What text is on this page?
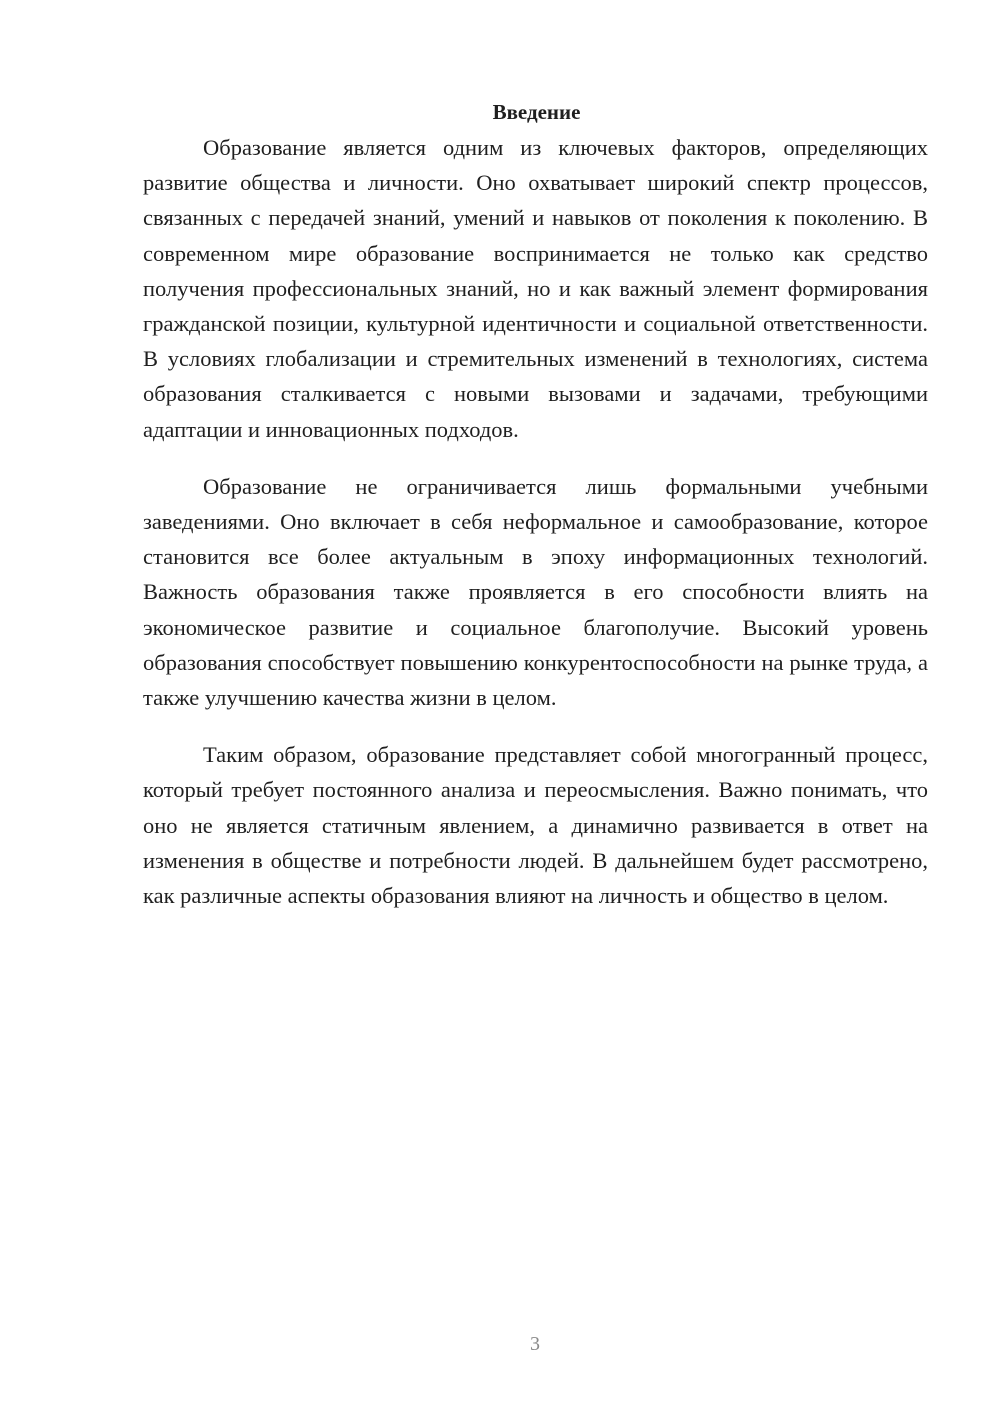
Введение

Образование является одним из ключевых факторов, определяющих развитие общества и личности. Оно охватывает широкий спектр процессов, связанных с передачей знаний, умений и навыков от поколения к поколению. В современном мире образование воспринимается не только как средство получения профессиональных знаний, но и как важный элемент формирования гражданской позиции, культурной идентичности и социальной ответственности. В условиях глобализации и стремительных изменений в технологиях, система образования сталкивается с новыми вызовами и задачами, требующими адаптации и инновационных подходов.

Образование не ограничивается лишь формальными учебными заведениями. Оно включает в себя неформальное и самообразование, которое становится все более актуальным в эпоху информационных технологий. Важность образования также проявляется в его способности влиять на экономическое развитие и социальное благополучие. Высокий уровень образования способствует повышению конкурентоспособности на рынке труда, а также улучшению качества жизни в целом.

Таким образом, образование представляет собой многогранный процесс, который требует постоянного анализа и переосмысления. Важно понимать, что оно не является статичным явлением, а динамично развивается в ответ на изменения в обществе и потребности людей. В дальнейшем будет рассмотрено, как различные аспекты образования влияют на личность и общество в целом.

3
